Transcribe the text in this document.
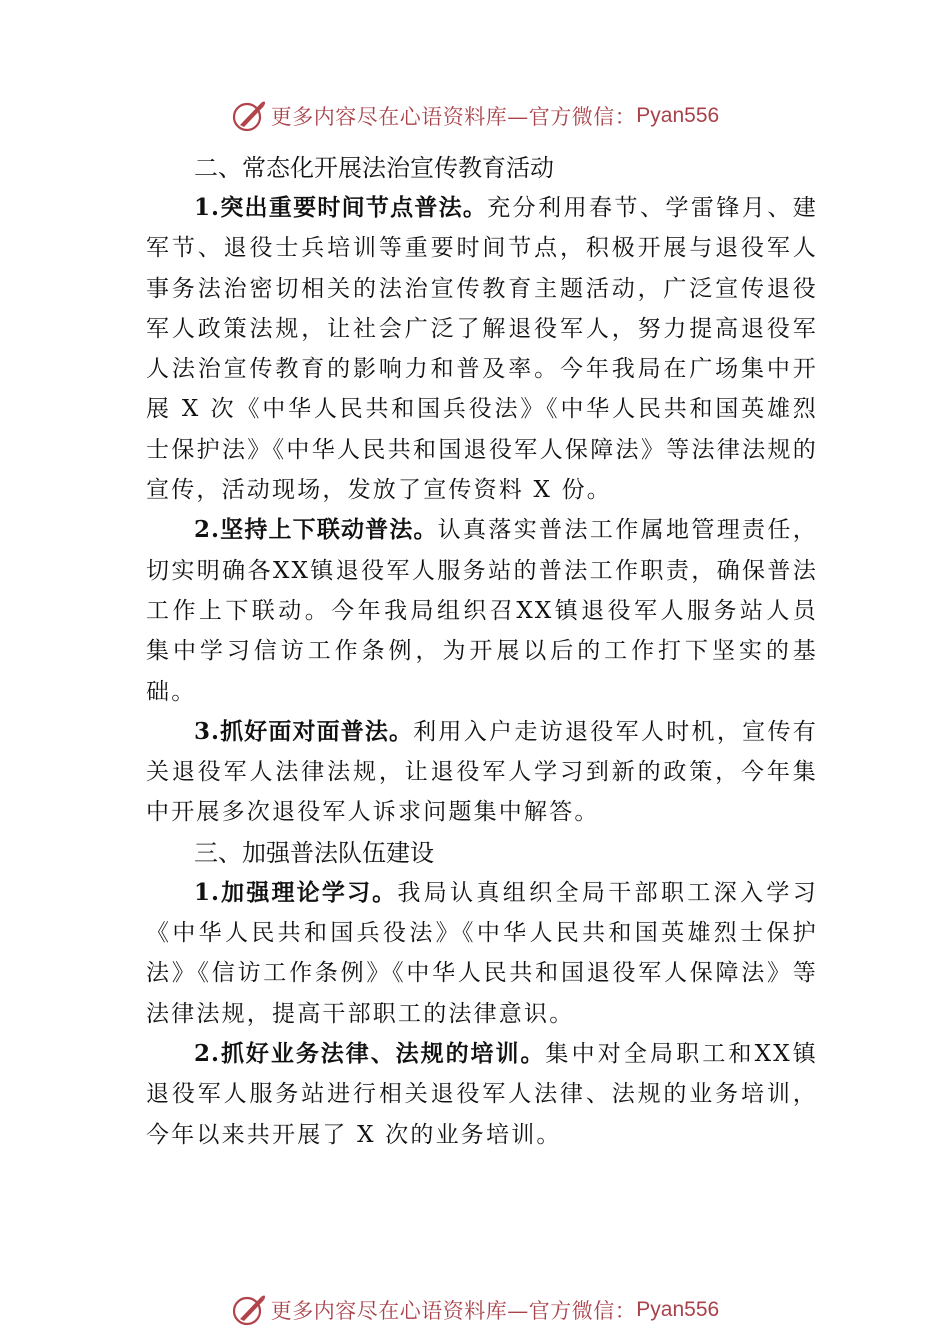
更多内容尽在心语资料库—官方微信： Pyan556

二、常态化开展法治宣传教育活动

1.突出重要时间节点普法。充分利用春节、学雷锋月、建军节、退役士兵培训等重要时间节点，积极开展与退役军人事务法治密切相关的法治宣传教育主题活动，广泛宣传退役军人政策法规，让社会广泛了解退役军人，努力提高退役军人法治宣传教育的影响力和普及率。今年我局在广场集中开展 X 次《中华人民共和国兵役法》《中华人民共和国英雄烈士保护法》《中华人民共和国退役军人保障法》等法律法规的宣传，活动现场，发放了宣传资料 X 份。

2.坚持上下联动普法。认真落实普法工作属地管理责任，切实明确各XX镇退役军人服务站的普法工作职责，确保普法工作上下联动。今年我局组织召XX镇退役军人服务站人员 集中学习信访工作条例，为开展以后的工作打下坚实的基础。

3.抓好面对面普法。利用入户走访退役军人时机，宣传有关退役军人法律法规，让退役军人学习到新的政策，今年集中开展多次退役军人诉求问题集中解答。

三、加强普法队伍建设

1.加强理论学习。我局认真组织全局干部职工深入学习《中华人民共和国兵役法》《中华人民共和国英雄烈士保护法》《信访工作条例》《中华人民共和国退役军人保障法》等法律法规，提高干部职工的法律意识。

2.抓好业务法律、法规的培训。集中对全局职工和XX镇退役军人服务站进行相关退役军人法律、法规的业务培训， 今年以来共开展了 X 次的业务培训。

更多内容尽在心语资料库—官方微信： Pyan556
